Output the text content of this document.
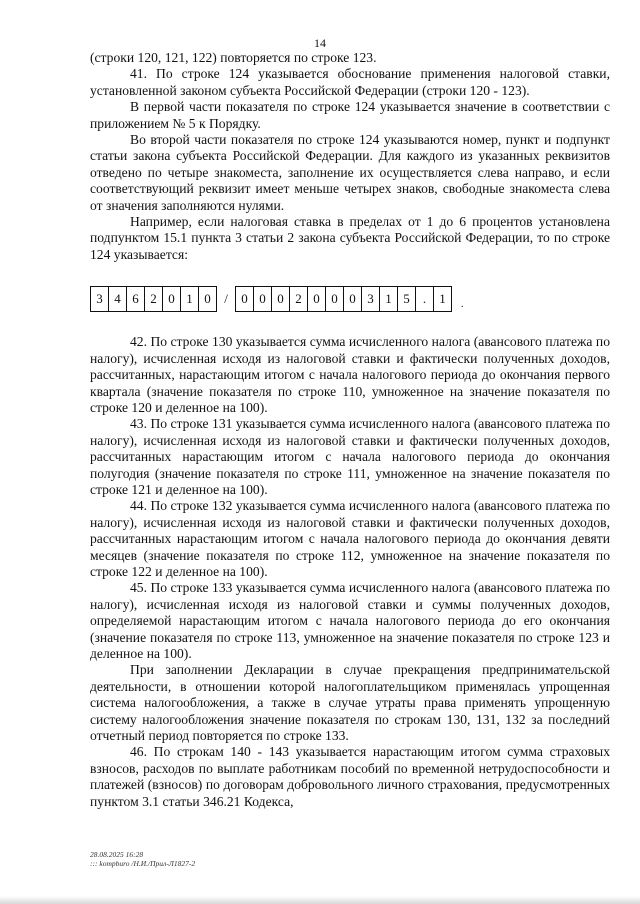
14

(строки 120, 121, 122) повторяется по строке 123.

41. По строке 124 указывается обоснование применения налоговой ставки, установленной законом субъекта Российской Федерации (строки 120 - 123).

В первой части показателя по строке 124 указывается значение в соответствии с приложением № 5 к Порядку.

Во второй части показателя по строке 124 указываются номер, пункт и подпункт статьи закона субъекта Российской Федерации. Для каждого из указанных реквизитов отведено по четыре знакоместа, заполнение их осуществляется слева направо, и если соответствующий реквизит имеет меньше четырех знаков, свободные знакоместа слева от значения заполняются нулями.

Например, если налоговая ставка в пределах от 1 до 6 процентов установлена подпунктом 15.1 пункта 3 статьи 2 закона субъекта Российской Федерации, то по строке 124 указывается:

3 4 6 2 0 1 0	/	0 0 0 2 0 0 0 3 1 5	.	1	.

42. По строке 130 указывается сумма исчисленного налога (авансового платежа по налогу), исчисленная исходя из налоговой ставки и фактически полученных доходов, рассчитанных, нарастающим итогом с начала налогового периода до окончания первого квартала (значение показателя по строке 110, умноженное на значение показателя по строке 120 и деленное на 100).

43. По строке 131 указывается сумма исчисленного налога (авансового платежа по налогу), исчисленная исходя из налоговой ставки и фактически полученных доходов, рассчитанных нарастающим итогом с начала налогового периода до окончания полугодия (значение показателя по строке 111, умноженное на значение показателя по строке 121 и деленное на 100).

44. По строке 132 указывается сумма исчисленного налога (авансового платежа по налогу), исчисленная исходя из налоговой ставки и фактически полученных доходов, рассчитанных нарастающим итогом с начала налогового периода до окончания девяти месяцев (значение показателя по строке 112, умноженное на значение показателя по строке 122 и деленное на 100).

45. По строке 133 указывается сумма исчисленного налога (авансового платежа по налогу), исчисленная исходя из налоговой ставки и суммы полученных доходов, определяемой нарастающим итогом с начала налогового периода до его окончания (значение показателя по строке 113, умноженное на значение показателя по строке 123 и деленное на 100).

При заполнении Декларации в случае прекращения предпринимательской деятельности, в отношении которой налогоплательщиком применялась упрощенная система налогообложения, а также в случае утраты права применять упрощенную систему налогообложения значение показателя по строкам 130, 131, 132 за последний отчетный период повторяется по строке 133.

46. По строкам 140 - 143 указывается нарастающим итогом сумма страховых взносов, расходов по выплате работникам пособий по временной нетрудоспособности и платежей (взносов) по договорам добровольного личного страхования, предусмотренных пунктом 3.1 статьи 346.21 Кодекса,

28.08.2025 16:28
::: kompburo /Н.И./Прил-Л1827-2
